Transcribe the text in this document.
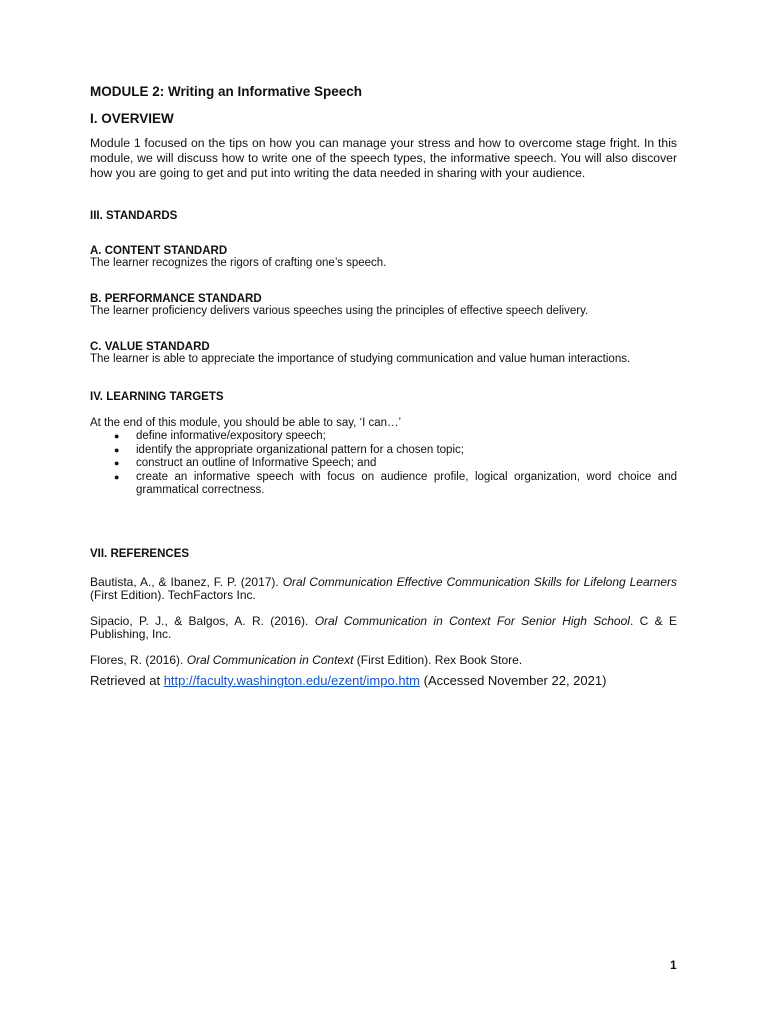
MODULE 2: Writing an Informative Speech

I. OVERVIEW

Module 1 focused on the tips on how you can manage your stress and how to overcome stage fright. In this module, we will discuss how to write one of the speech types, the informative speech. You will also discover how you are going to get and put into writing the data needed in sharing with your audience.

III. STANDARDS

A. CONTENT STANDARD

The learner recognizes the rigors of crafting one’s speech.

B. PERFORMANCE STANDARD

The learner proficiency delivers various speeches using the principles of effective speech delivery.

C. VALUE STANDARD

The learner is able to appreciate the importance of studying communication and value human interactions.

IV. LEARNING TARGETS

At the end of this module, you should be able to say, ‘I can…’

● define informative/expository speech;
● identify the appropriate organizational pattern for a chosen topic;
● construct an outline of Informative Speech; and
● create an informative speech with focus on audience profile, logical organization, word choice and grammatical correctness.

VII. REFERENCES

Bautista, A., & Ibanez, F. P. (2017). Oral Communication Effective Communication Skills for Lifelong Learners (First Edition). TechFactors Inc.

Sipacio, P. J., & Balgos, A. R. (2016). Oral Communication in Context For Senior High School. C & E Publishing, Inc.

Flores, R. (2016). Oral Communication in Context (First Edition). Rex Book Store.

Retrieved at http://faculty.washington.edu/ezent/impo.htm (Accessed November 22, 2021)

1
